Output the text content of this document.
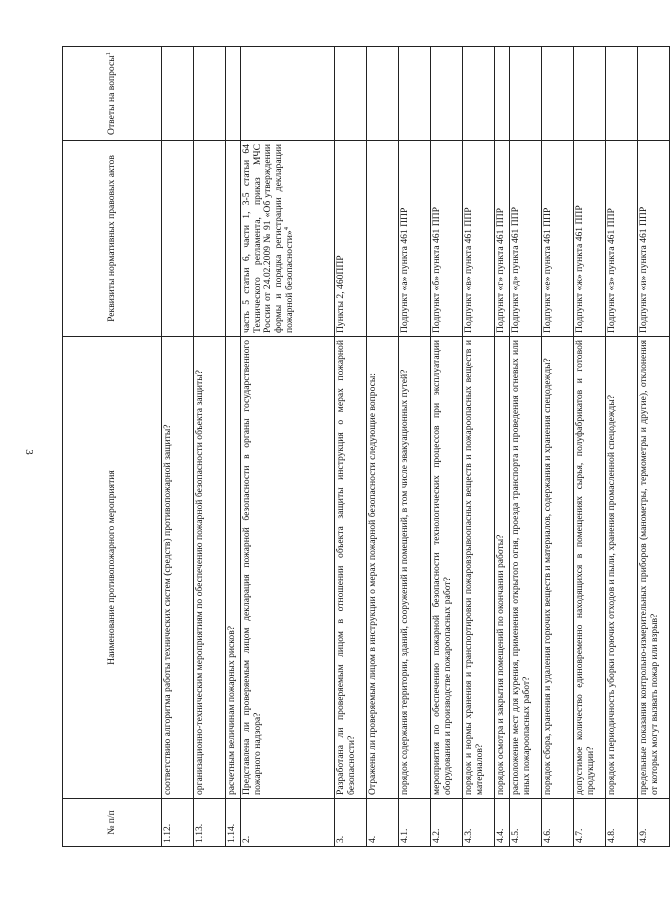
3
№ п/п	Наименование противопожарного мероприятия	Реквизиты нормативных правовых актов	Ответы на вопросы$^1$
1.12.	соответствию алгоритма работы технических систем (средств) противопожарной защиты?		
1.13.	организационно-техническим мероприятиям по обеспечению пожарной безопасности объекта защиты?		
1.14.	расчетным величинам пожарных рисков?		
2.	Представлена ли проверяемым лицом декларация пожарной безопасности в органы государственного пожарного надзора?	часть 5 статьи 6, части 1, 3-5 статьи 64 Технического регламента, приказ МЧС России от 24.02.2009 № 91 «Об утверждении формы и порядка регистрации декларации пожарной безопасности»$^4$	
3.	Разработана ли проверяемым лицом в отношении объекта защиты инструкция о мерах пожарной безопасности?	Пункты 2, 460ППР	
4.	Отражены ли проверяемым лицом в инструкции о мерах пожарной безопасности следующие вопросы:		
4.1.	порядок содержания территории, зданий, сооружений и помещений, в том числе эвакуационных путей?	Подпункт «а» пункта 461 ППР	
4.2.	мероприятия по обеспечению пожарной безопасности технологических процессов при эксплуатации оборудования и производстве пожароопасных работ?	Подпункт «б» пункта 461 ППР	
4.3.	порядок и нормы хранения и транспортировки пожаровзрывоопасных веществ и пожароопасных веществ и материалов?	Подпункт «в» пункта 461 ППР	
4.4.	порядок осмотра и закрытия помещений по окончании работы?	Подпункт «г» пункта 461 ППР	
4.5.	расположение мест для курения, применения открытого огня, проезда транспорта и проведения огневых или иных пожароопасных работ?	Подпункт «д» пункта 461 ППР	
4.6.	порядок сбора, хранения и удаления горючих веществ и материалов, содержания и хранения спецодежды?	Подпункт «е» пункта 461 ППР	
4.7.	допустимое количество единовременно находящихся в помещениях сырья, полуфабрикатов и готовой продукции?	Подпункт «ж» пункта 461 ППР	
4.8.	порядок и периодичность уборки горючих отходов и пыли, хранения промасленной спецодежды?	Подпункт «з» пункта 461 ППР	
4.9.	предельные показания контрольно-измерительных приборов (манометры, термометры и другие), отклонения от которых могут вызвать пожар или взрыв?	Подпункт «и» пункта 461 ППР	
